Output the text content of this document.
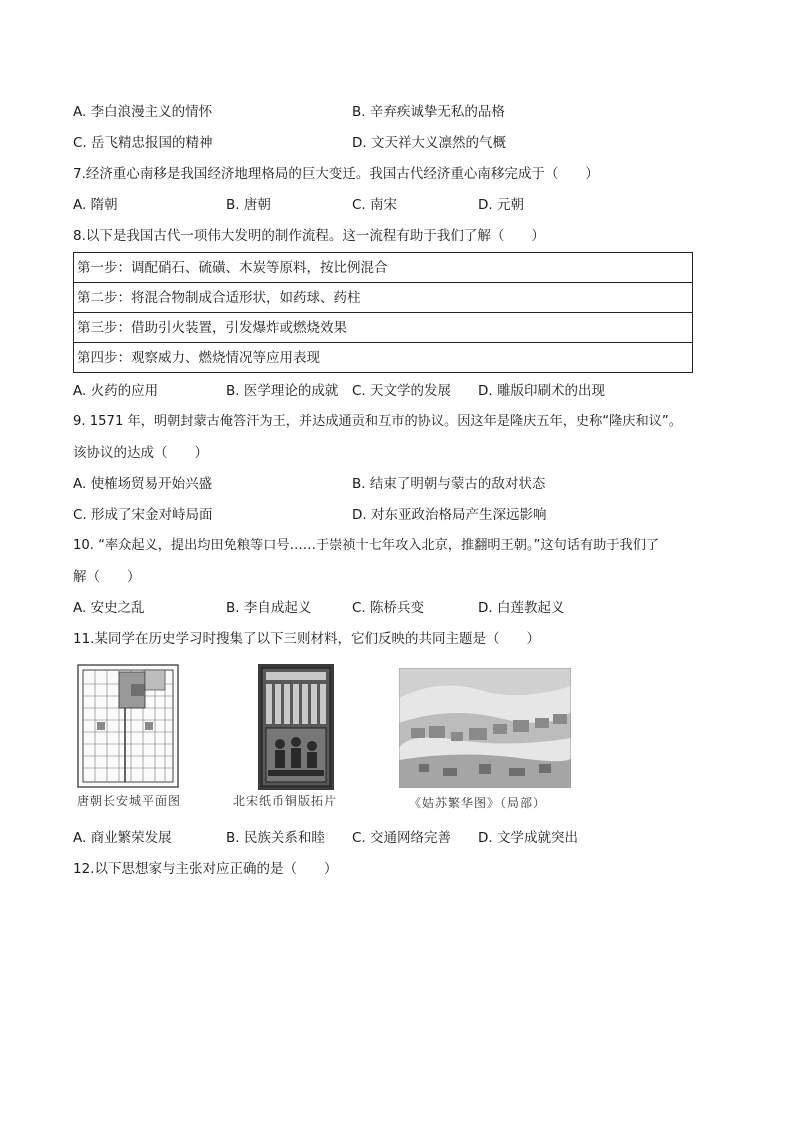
A. 李白浪漫主义的情怀	B. 辛弃疾诚挚无私的品格
C. 岳飞精忠报国的精神	D. 文天祥大义凛然的气概
7.经济重心南移是我国经济地理格局的巨大变迁。我国古代经济重心南移完成于（　　）
A. 隋朝	B. 唐朝	C. 南宋	D. 元朝
8.以下是我国古代一项伟大发明的制作流程。这一流程有助于我们了解（　　）
第一步：调配硝石、硫磺、木炭等原料，按比例混合
第二步：将混合物制成合适形状，如药球、药柱
第三步：借助引火装置，引发爆炸或燃烧效果
第四步：观察威力、燃烧情况等应用表现
A. 火药的应用	B. 医学理论的成就 C. 天文学的发展 D. 雕版印刷术的出现
9. 1571 年，明朝封蒙古俺答汗为王，并达成通贡和互市的协议。因这年是隆庆五年，史称“隆庆和议”。
该协议的达成（　　）
A. 使榷场贸易开始兴盛	B. 结束了明朝与蒙古的敌对状态
C. 形成了宋金对峙局面	D. 对东亚政治格局产生深远影响
10. “率众起义，提出均田免粮等口号……于崇祯十七年攻入北京，推翻明王朝。”这句话有助于我们了
解（　　）
A. 安史之乱	B. 李自成起义	C. 陈桥兵变	D. 白莲教起义
11.某同学在历史学习时搜集了以下三则材料，它们反映的共同主题是（　　）
唐朝长安城平面图	北宋纸币铜版拓片	《姑苏繁华图》（局部）
A. 商业繁荣发展	B. 民族关系和睦 C. 交通网络完善 D. 文学成就突出
12.以下思想家与主张对应正确的是（　　）
